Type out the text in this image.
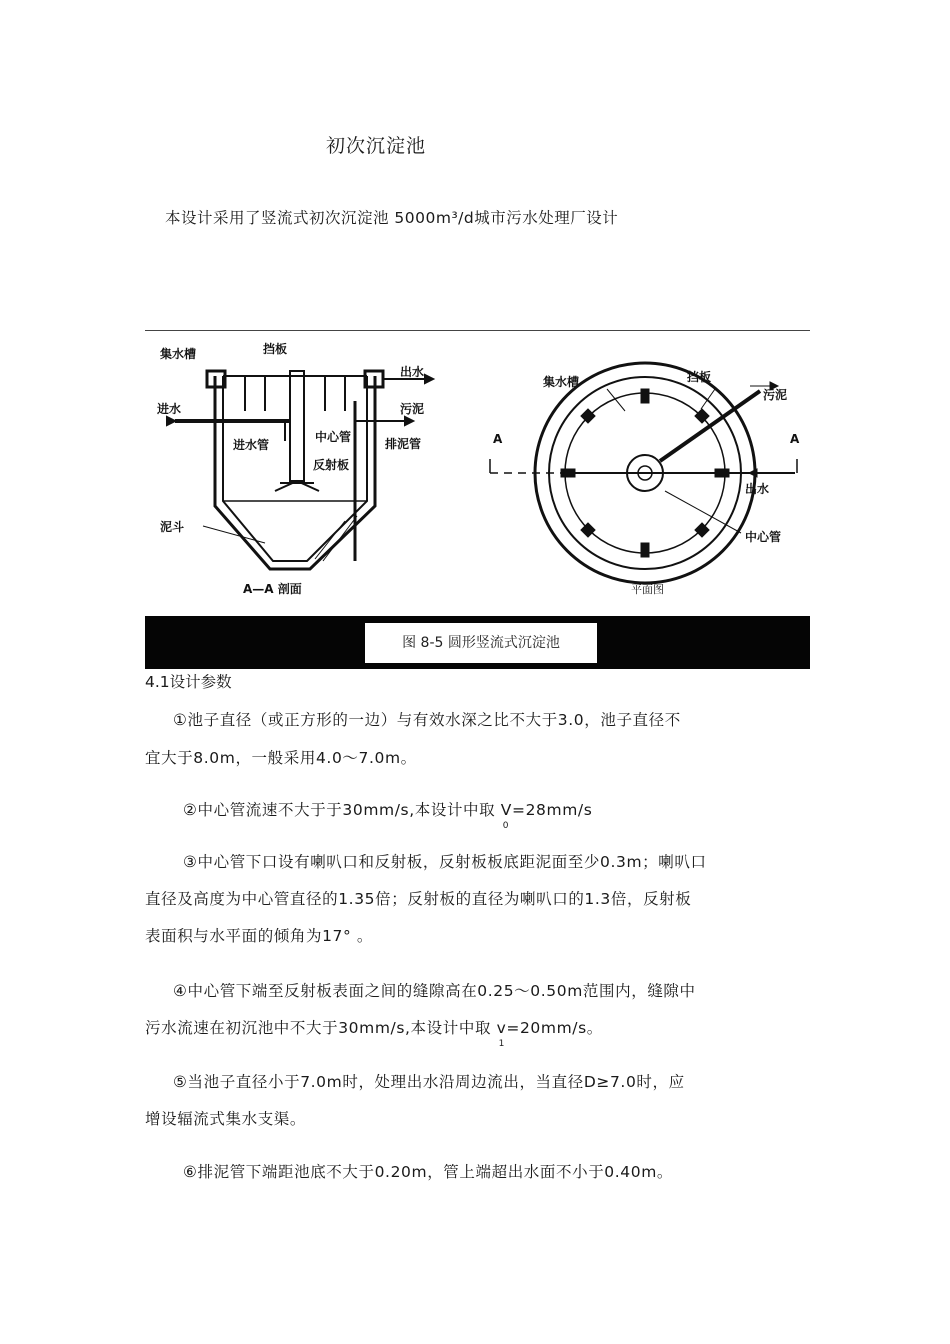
初次沉淀池
本设计采用了竖流式初次沉淀池 5000m³/d城市污水处理厂设计
集水槽	挡板
出水
进水	污泥
中心管
进水管	排泥管
反射板
泥斗
A—A 剖面
集水槽	挡板
污泥
出水
中心管
A	A
平面图
图 8-5 圆形竖流式沉淀池
4.1设计参数
①池子直径（或正方形的一边）与有效水深之比不大于3.0，池子直径不
宜大于8.0m，一般采用4.0～7.0m。
②中心管流速不大于于30mm/s,本设计中取 V
0
=28mm/s
③中心管下口设有喇叭口和反射板，反射板板底距泥面至少0.3m；喇叭口
直径及高度为中心管直径的1.35倍；反射板的直径为喇叭口的1.3倍，反射板
表面积与水平面的倾角为17° 。
④中心管下端至反射板表面之间的缝隙高在0.25～0.50m范围内，缝隙中
污水流速在初沉池中不大于30mm/s,本设计中取 v
1
=20mm/s。
⑤当池子直径小于7.0m时，处理出水沿周边流出，当直径D≥7.0时，应
增设辐流式集水支渠。
⑥排泥管下端距池底不大于0.20m，管上端超出水面不小于0.40m。
